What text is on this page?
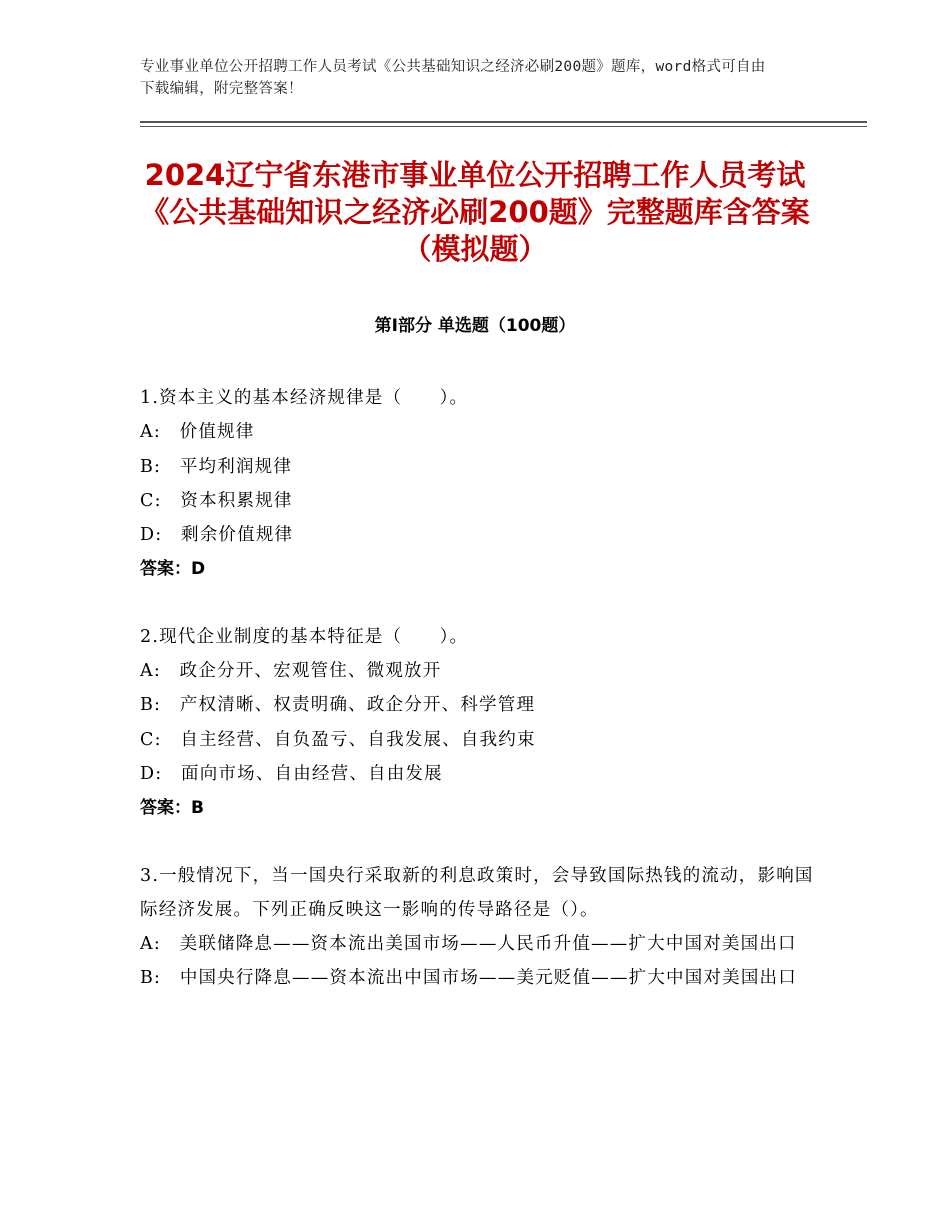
专业事业单位公开招聘工作人员考试《公共基础知识之经济必刷200题》题库，word格式可自由下载编辑，附完整答案！
2024辽宁省东港市事业单位公开招聘工作人员考试《公共基础知识之经济必刷200题》完整题库含答案（模拟题）
第Ⅰ部分 单选题（100题）
1.资本主义的基本经济规律是（　　）。
A:　价值规律
B:　平均利润规律
C:　资本积累规律
D:　剩余价值规律
答案：D
2.现代企业制度的基本特征是（　　）。
A:　政企分开、宏观管住、微观放开
B:　产权清晰、权责明确、政企分开、科学管理
C:　自主经营、自负盈亏、自我发展、自我约束
D:　面向市场、自由经营、自由发展
答案：B
3.一般情况下，当一国央行采取新的利息政策时，会导致国际热钱的流动，影响国际经济发展。下列正确反映这一影响的传导路径是（）。
A:　美联储降息——资本流出美国市场——人民币升值——扩大中国对美国出口
B:　中国央行降息——资本流出中国市场——美元贬值——扩大中国对美国出口
